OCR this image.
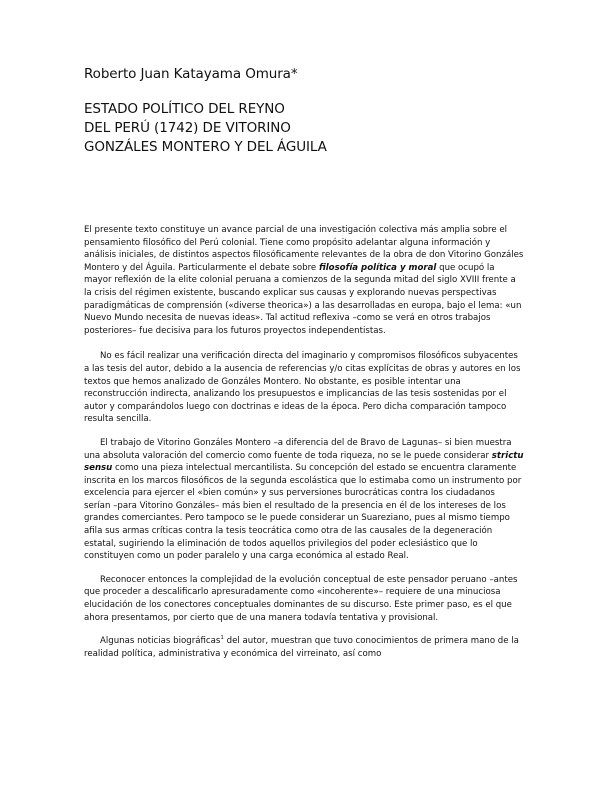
Roberto Juan Katayama Omura*
ESTADO POLÍTICO DEL REYNO
DEL PERÚ (1742) DE VITORINO
GONZÁLES MONTERO Y DEL ÁGUILA

El presente texto constituye un avance parcial de una investigación colectiva más amplia sobre el pensamiento filosófico del Perú colonial. Tiene como propósito adelantar alguna información y análisis iniciales, de distintos aspectos filosóficamente relevantes de la obra de don Vitorino Gonzáles Montero y del Águila. Particularmente el debate sobre filosofía política y moral que ocupó la mayor reflexión de la elite colonial peruana a comienzos de la segunda mitad del siglo XVIII frente a la crisis del régimen existente, buscando explicar sus causas y explorando nuevas perspectivas paradigmáticas de comprensión («diverse theorica») a las desarrolladas en europa, bajo el lema: «un Nuevo Mundo necesita de nuevas ideas». Tal actitud reflexiva –como se verá en otros trabajos posteriores– fue decisiva para los futuros proyectos independentistas.

No es fácil realizar una verificación directa del imaginario y compromisos filosóficos subyacentes a las tesis del autor, debido a la ausencia de referencias y/o citas explícitas de obras y autores en los textos que hemos analizado de Gonzáles Montero. No obstante, es posible intentar una reconstrucción indirecta, analizando los presupuestos e implicancias de las tesis sostenidas por el autor y comparándolos luego con doctrinas e ideas de la época. Pero dicha comparación tampoco resulta sencilla.

El trabajo de Vitorino Gonzáles Montero –a diferencia del de Bravo de Lagunas– si bien muestra una absoluta valoración del comercio como fuente de toda riqueza, no se le puede considerar strictu sensu como una pieza intelectual mercantilista. Su concepción del estado se encuentra claramente inscrita en los marcos filosóficos de la segunda escolástica que lo estimaba como un instrumento por excelencia para ejercer el «bien común» y sus perversiones burocráticas contra los ciudadanos serían –para Vitorino Gonzáles– más bien el resultado de la presencia en él de los intereses de los grandes comerciantes. Pero tampoco se le puede considerar un Suareziano, pues al mismo tiempo afila sus armas críticas contra la tesis teocrática como otra de las causales de la degeneración estatal, sugiriendo la eliminación de todos aquellos privilegios del poder eclesiástico que lo constituyen como un poder paralelo y una carga económica al estado Real.

Reconocer entonces la complejidad de la evolución conceptual de este pensador peruano –antes que proceder a descalificarlo apresuradamente como «incoherente»– requiere de una minuciosa elucidación de los conectores conceptuales dominantes de su discurso. Este primer paso, es el que ahora presentamos, por cierto que de una manera todavía tentativa y provisional.

Algunas noticias biográficas$^1$ del autor, muestran que tuvo conocimientos de primera mano de la realidad política, administrativa y económica del virreinato, así como
